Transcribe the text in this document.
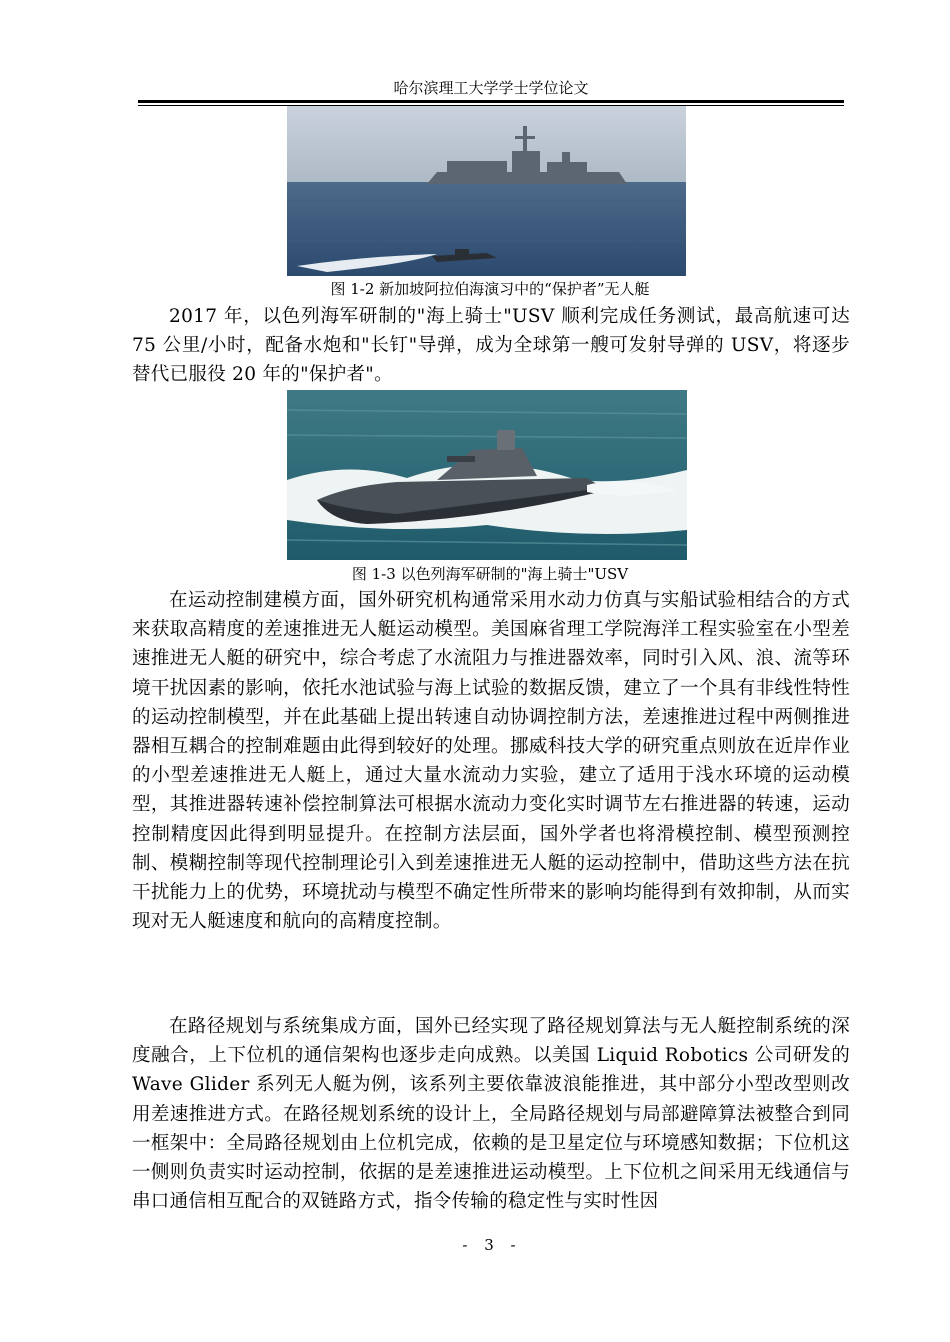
哈尔滨理工大学学士学位论文
图 1-2 新加坡阿拉伯海演习中的“保护者”无人艇

2017 年，以色列海军研制的"海上骑士"USV 顺利完成任务测试，最高航速可达 75 公里/小时，配备水炮和"长钉"导弹，成为全球第一艘可发射导弹的 USV，将逐步替代已服役 20 年的"保护者"。

图 1-3 以色列海军研制的"海上骑士"USV

在运动控制建模方面，国外研究机构通常采用水动力仿真与实船试验相结合的方式来获取高精度的差速推进无人艇运动模型。美国麻省理工学院海洋工程实验室在小型差速推进无人艇的研究中，综合考虑了水流阻力与推进器效率，同时引入风、浪、流等环境干扰因素的影响，依托水池试验与海上试验的数据反馈，建立了一个具有非线性特性的运动控制模型，并在此基础上提出转速自动协调控制方法，差速推进过程中两侧推进器相互耦合的控制难题由此得到较好的处理。挪威科技大学的研究重点则放在近岸作业的小型差速推进无人艇上，通过大量水流动力实验，建立了适用于浅水环境的运动模型，其推进器转速补偿控制算法可根据水流动力变化实时调节左右推进器的转速，运动控制精度因此得到明显提升。在控制方法层面，国外学者也将滑模控制、模型预测控制、模糊控制等现代控制理论引入到差速推进无人艇的运动控制中，借助这些方法在抗干扰能力上的优势，环境扰动与模型不确定性所带来的影响均能得到有效抑制，从而实现对无人艇速度和航向的高精度控制。

在路径规划与系统集成方面，国外已经实现了路径规划算法与无人艇控制系统的深度融合，上下位机的通信架构也逐步走向成熟。以美国 Liquid Robotics 公司研发的 Wave Glider 系列无人艇为例，该系列主要依靠波浪能推进，其中部分小型改型则改用差速推进方式。在路径规划系统的设计上，全局路径规划与局部避障算法被整合到同一框架中：全局路径规划由上位机完成，依赖的是卫星定位与环境感知数据；下位机这一侧则负责实时运动控制，依据的是差速推进运动模型。上下位机之间采用无线通信与串口通信相互配合的双链路方式，指令传输的稳定性与实时性因

- 3 -
